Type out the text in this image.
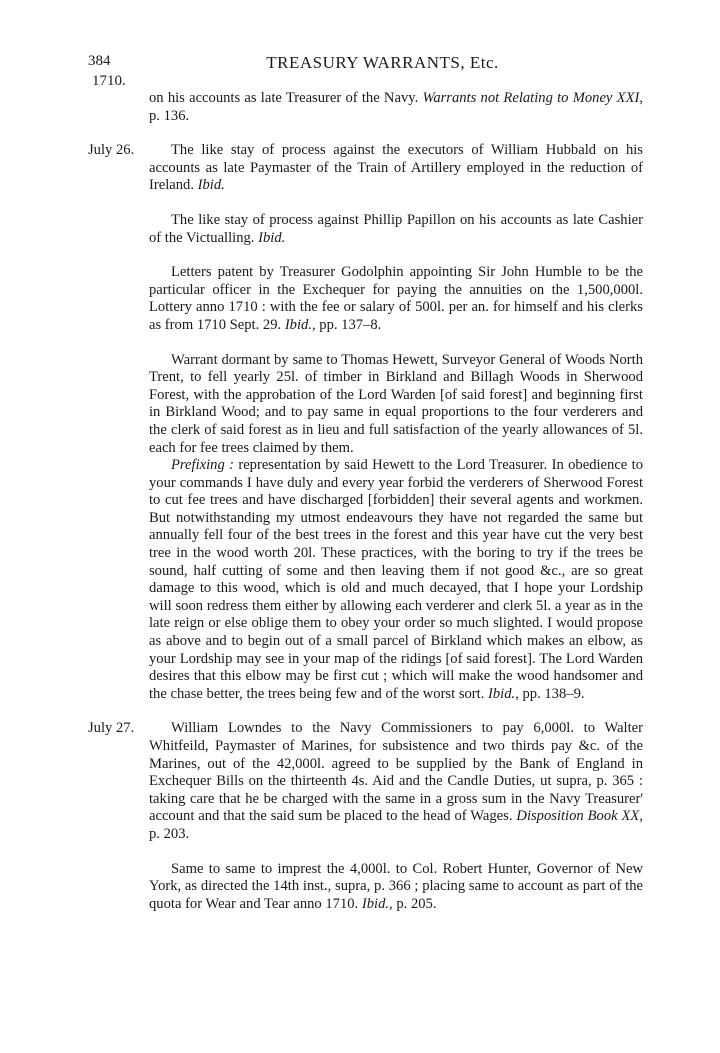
384
1710.
TREASURY WARRANTS, Etc.

on his accounts as late Treasurer of the Navy. Warrants not Relating to Money XXI, p. 136.

July 26.	The like stay of process against the executors of William Hubbald on his accounts as late Paymaster of the Train of Artillery employed in the reduction of Ireland. Ibid.

The like stay of process against Phillip Papillon on his accounts as late Cashier of the Victualling. Ibid.

Letters patent by Treasurer Godolphin appointing Sir John Humble to be the particular officer in the Exchequer for paying the annuities on the 1,500,000l. Lottery anno 1710 : with the fee or salary of 500l. per an. for himself and his clerks as from 1710 Sept. 29. Ibid., pp. 137–8.

Warrant dormant by same to Thomas Hewett, Surveyor General of Woods North Trent, to fell yearly 25l. of timber in Birkland and Billagh Woods in Sherwood Forest, with the approbation of the Lord Warden [of said forest] and beginning first in Birkland Wood; and to pay same in equal proportions to the four verderers and the clerk of said forest as in lieu and full satisfaction of the yearly allowances of 5l. each for fee trees claimed by them.

Prefixing : representation by said Hewett to the Lord Treasurer. In obedience to your commands I have duly and every year forbid the verderers of Sherwood Forest to cut fee trees and have discharged [forbidden] their several agents and workmen. But notwithstanding my utmost endeavours they have not regarded the same but annually fell four of the best trees in the forest and this year have cut the very best tree in the wood worth 20l. These practices, with the boring to try if the trees be sound, half cutting of some and then leaving them if not good &c., are so great damage to this wood, which is old and much decayed, that I hope your Lordship will soon redress them either by allowing each verderer and clerk 5l. a year as in the late reign or else oblige them to obey your order so much slighted. I would propose as above and to begin out of a small parcel of Birkland which makes an elbow, as your Lordship may see in your map of the ridings [of said forest]. The Lord Warden desires that this elbow may be first cut ; which will make the wood handsomer and the chase better, the trees being few and of the worst sort. Ibid., pp. 138–9.

July 27.	William Lowndes to the Navy Commissioners to pay 6,000l. to Walter Whitfeild, Paymaster of Marines, for subsistence and two thirds pay &c. of the Marines, out of the 42,000l. agreed to be supplied by the Bank of England in Exchequer Bills on the thirteenth 4s. Aid and the Candle Duties, ut supra, p. 365 : taking care that he be charged with the same in a gross sum in the Navy Treasurer' account and that the said sum be placed to the head of Wages. Disposition Book XX, p. 203.

Same to same to imprest the 4,000l. to Col. Robert Hunter, Governor of New York, as directed the 14th inst., supra, p. 366 ; placing same to account as part of the quota for Wear and Tear anno 1710. Ibid., p. 205.
